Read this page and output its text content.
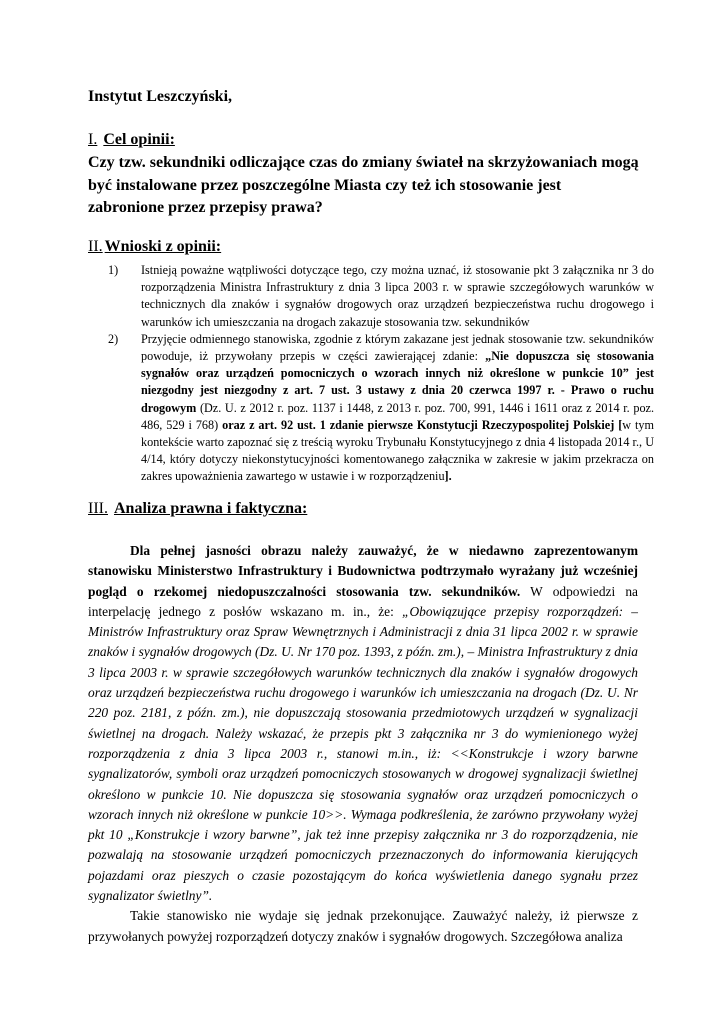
Instytut Leszczyński,
I. Cel opinii:
Czy tzw. sekundniki odliczające czas do zmiany świateł na skrzyżowaniach mogą być instalowane przez poszczególne Miasta czy też ich stosowanie jest zabronione przez przepisy prawa?
II. Wnioski z opinii:
1) Istnieją poważne wątpliwości dotyczące tego, czy można uznać, iż stosowanie pkt 3 załącznika nr 3 do rozporządzenia Ministra Infrastruktury z dnia 3 lipca 2003 r. w sprawie szczegółowych warunków w technicznych dla znaków i sygnałów drogowych oraz urządzeń bezpieczeństwa ruchu drogowego i warunków ich umieszczania na drogach zakazuje stosowania tzw. sekundników
2) Przyjęcie odmiennego stanowiska, zgodnie z którym zakazane jest jednak stosowanie tzw. sekundników powoduje, iż przywołany przepis w części zawierającej zdanie: „Nie dopuszcza się stosowania sygnałów oraz urządzeń pomocniczych o wzorach innych niż określone w punkcie 10” jest niezgodny jest niezgodny z art. 7 ust. 3 ustawy z dnia 20 czerwca 1997 r. - Prawo o ruchu drogowym (Dz. U. z 2012 r. poz. 1137 i 1448, z 2013 r. poz. 700, 991, 1446 i 1611 oraz z 2014 r. poz. 486, 529 i 768) oraz z art. 92 ust. 1 zdanie pierwsze Konstytucji Rzeczypospolitej Polskiej [w tym kontekście warto zapoznać się z treścią wyroku Trybunału Konstytucyjnego z dnia 4 listopada 2014 r., U 4/14, który dotyczy niekonstytucyjności komentowanego załącznika w zakresie w jakim przekracza on zakres upoważnienia zawartego w ustawie i w rozporządzeniu].
III. Analiza prawna i faktyczna:

Dla pełnej jasności obrazu należy zauważyć, że w niedawno zaprezentowanym stanowisku Ministerstwo Infrastruktury i Budownictwa podtrzymało wyrażany już wcześniej pogląd o rzekomej niedopuszczalności stosowania tzw. sekundników. W odpowiedzi na interpelację jednego z posłów wskazano m. in., że: „Obowiązujące przepisy rozporządzeń: – Ministrów Infrastruktury oraz Spraw Wewnętrznych i Administracji z dnia 31 lipca 2002 r. w sprawie znaków i sygnałów drogowych (Dz. U. Nr 170 poz. 1393, z późn. zm.), – Ministra Infrastruktury z dnia 3 lipca 2003 r. w sprawie szczegółowych warunków technicznych dla znaków i sygnałów drogowych oraz urządzeń bezpieczeństwa ruchu drogowego i warunków ich umieszczania na drogach (Dz. U. Nr 220 poz. 2181, z późn. zm.), nie dopuszczają stosowania przedmiotowych urządzeń w sygnalizacji świetlnej na drogach. Należy wskazać, że przepis pkt 3 załącznika nr 3 do wymienionego wyżej rozporządzenia z dnia 3 lipca 2003 r., stanowi m.in., iż: <<Konstrukcje i wzory barwne sygnalizatorów, symboli oraz urządzeń pomocniczych stosowanych w drogowej sygnalizacji świetlnej określono w punkcie 10. Nie dopuszcza się stosowania sygnałów oraz urządzeń pomocniczych o wzorach innych niż określone w punkcie 10>>. Wymaga podkreślenia, że zarówno przywołany wyżej pkt 10 „Konstrukcje i wzory barwne”, jak też inne przepisy załącznika nr 3 do rozporządzenia, nie pozwalają na stosowanie urządzeń pomocniczych przeznaczonych do informowania kierujących pojazdami oraz pieszych o czasie pozostającym do końca wyświetlenia danego sygnału przez sygnalizator świetlny”.

Takie stanowisko nie wydaje się jednak przekonujące. Zauważyć należy, iż pierwsze z przywołanych powyżej rozporządzeń dotyczy znaków i sygnałów drogowych. Szczegółowa analiza
